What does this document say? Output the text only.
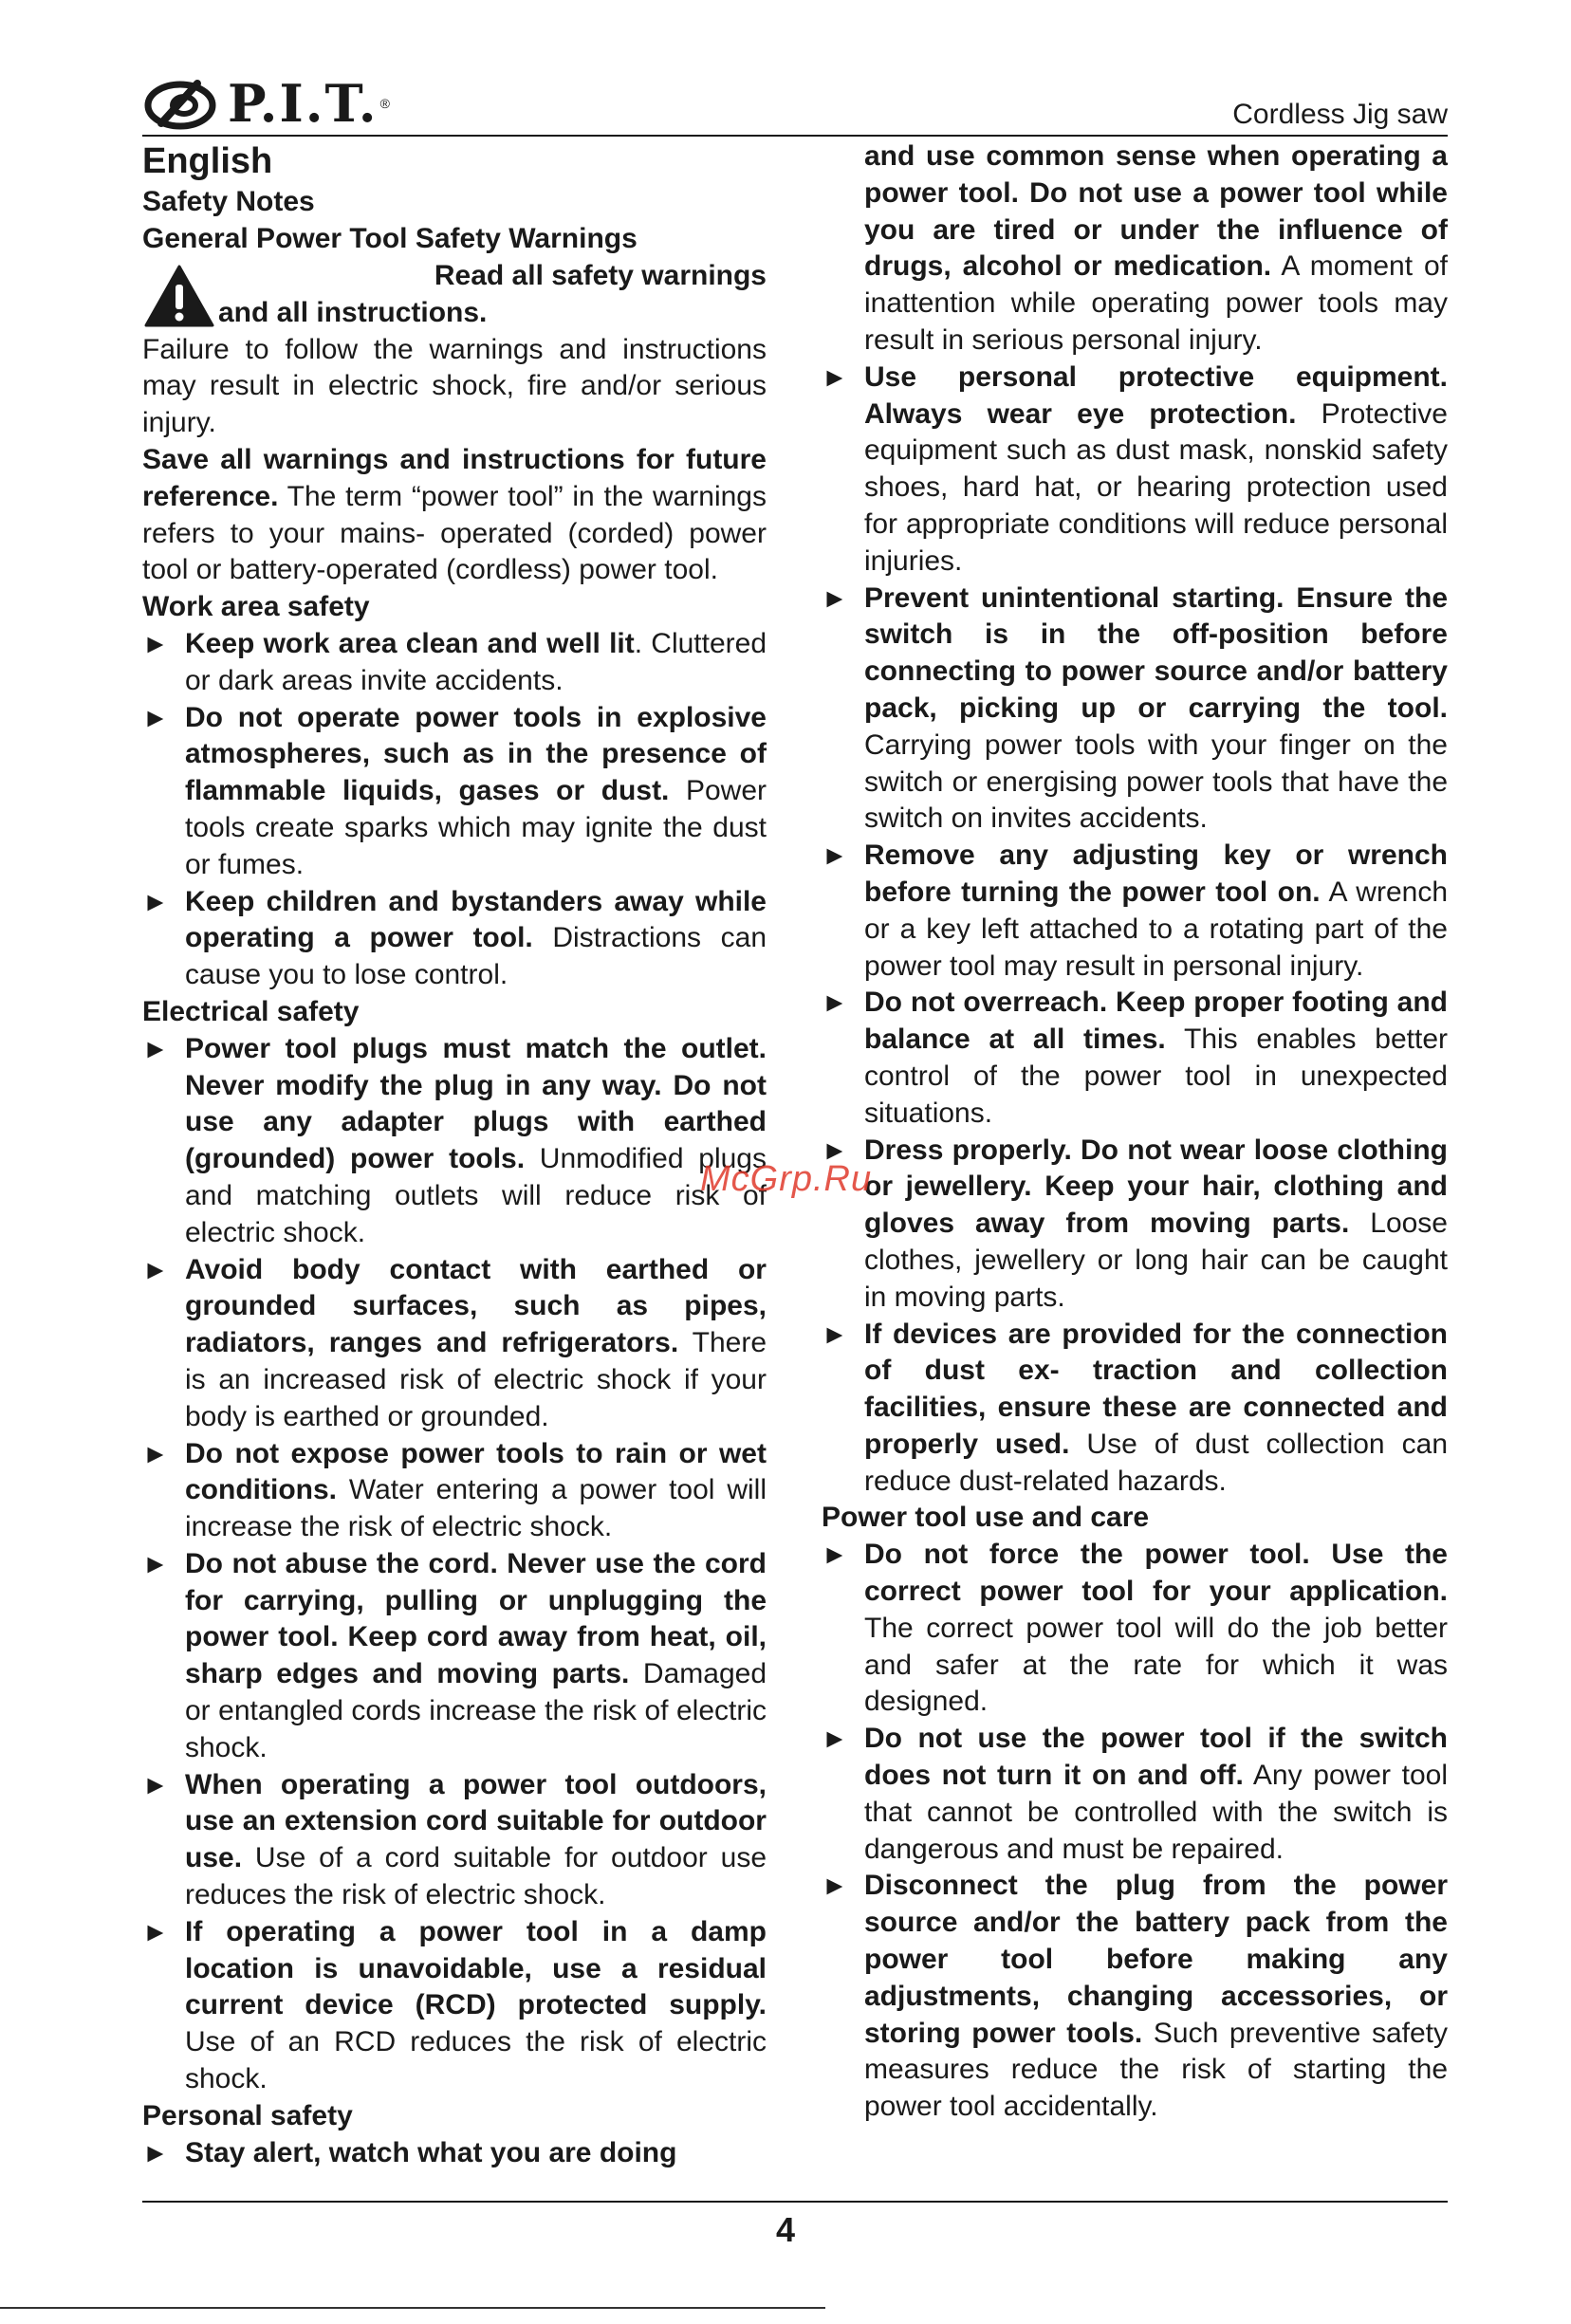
P.I.T. ®	Cordless Jig saw
English
Safety Notes
General Power Tool Safety Warnings
Read all safety warnings
and all instructions.

Failure to follow the warnings and instructions may result in electric shock, fire and/or serious injury.

Save all warnings and instructions for future reference. The term “power tool” in the warnings refers to your mains- operated (corded) power tool or battery-operated (cordless) power tool.

Work area safety
► Keep work area clean and well lit. Cluttered or dark areas invite accidents.
► Do not operate power tools in explosive atmospheres, such as in the presence of flammable liquids, gases or dust. Power tools create sparks which may ignite the dust or fumes.
► Keep children and bystanders away while operating a power tool. Distractions can cause you to lose control.
Electrical safety
► Power tool plugs must match the outlet. Never modify the plug in any way. Do not use any adapter plugs with earthed (grounded) power tools. Unmodified plugs and matching outlets will reduce risk of electric shock.
► Avoid body contact with earthed or grounded surfaces, such as pipes, radiators, ranges and refrigerators. There is an increased risk of electric shock if your body is earthed or grounded.
► Do not expose power tools to rain or wet conditions. Water entering a power tool will increase the risk of electric shock.
► Do not abuse the cord. Never use the cord for carrying, pulling or unplugging the power tool. Keep cord away from heat, oil, sharp edges and moving parts. Damaged or entangled cords increase the risk of electric shock.
► When operating a power tool outdoors, use an extension cord suitable for outdoor use. Use of a cord suitable for outdoor use reduces the risk of electric shock.
► If operating a power tool in a damp location is unavoidable, use a residual current device (RCD) protected supply. Use of an RCD reduces the risk of electric shock.
Personal safety
► Stay alert, watch what you are doing
and use common sense when operating a power tool. Do not use a power tool while you are tired or under the influence of drugs, alcohol or medication. A moment of inattention while operating power tools may result in serious personal injury.
► Use personal protective equipment. Always wear eye protection. Protective equipment such as dust mask, nonskid safety shoes, hard hat, or hearing protection used for appropriate conditions will reduce personal injuries.
► Prevent unintentional starting. Ensure the switch is in the off-position before connecting to power source and/or battery pack, picking up or carrying the tool. Carrying power tools with your finger on the switch or energising power tools that have the switch on invites accidents.
► Remove any adjusting key or wrench before turning the power tool on. A wrench or a key left attached to a rotating part of the power tool may result in personal injury.
► Do not overreach. Keep proper footing and balance at all times. This enables better control of the power tool in unexpected situations.
► Dress properly. Do not wear loose clothing or jewellery. Keep your hair, clothing and gloves away from moving parts. Loose clothes, jewellery or long hair can be caught in moving parts.
► If devices are provided for the connection of dust ex- traction and collection facilities, ensure these are connected and properly used. Use of dust collection can reduce dust-related hazards.
Power tool use and care
► Do not force the power tool. Use the correct power tool for your application. The correct power tool will do the job better and safer at the rate for which it was designed.
► Do not use the power tool if the switch does not turn it on and off. Any power tool that cannot be controlled with the switch is dangerous and must be repaired.
► Disconnect the plug from the power source and/or the battery pack from the power tool before making any adjustments, changing accessories, or storing power tools. Such preventive safety measures reduce the risk of starting the power tool accidentally.
McGrp.Ru
4
